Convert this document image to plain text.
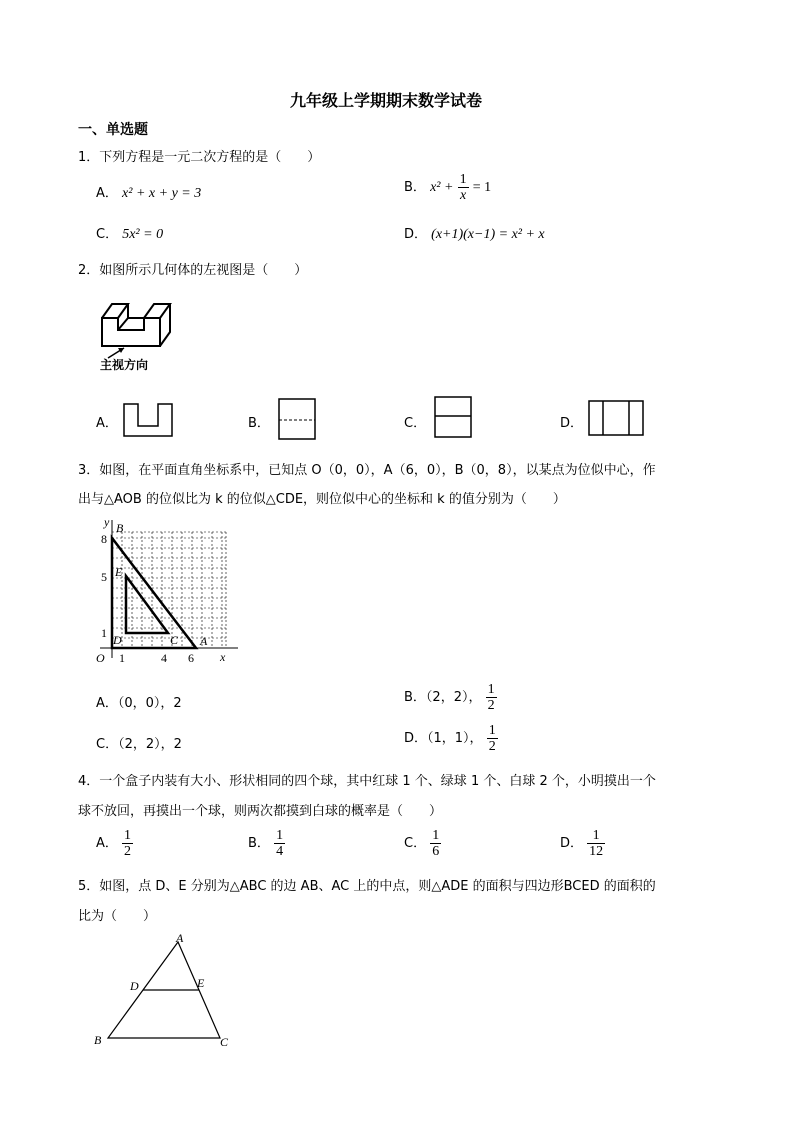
九年级上学期期末数学试卷
一、单选题
1．下列方程是一元二次方程的是（　　）
A． x² + x + y = 3	B． $x^2 + \frac{1}{x} = 1$
C． 5x² = 0	D． (x+1)(x−1) = x² + x
2．如图所示几何体的左视图是（　　）
主视方向
A．	B．	C．	D．
3．如图，在平面直角坐标系中，已知点 O（0，0），A（6，0），B（0，8），以某点为位似中心，作
出与△AOB 的位似比为 k 的位似△CDE，则位似中心的坐标和 k 的值分别为（　　）
y
x
O
B
E
D	C A
8
5
1
1	4 6
A．（0，0），2	B．（2，2）， $\frac{1}{2}$
C．（2，2），2	D．（1，1）， $\frac{1}{2}$
4．一个盒子内装有大小、形状相同的四个球，其中红球 1 个、绿球 1 个、白球 2 个，小明摸出一个
球不放回，再摸出一个球，则两次都摸到白球的概率是（　　）
A． $\frac{1}{2}$	B． $\frac{1}{4}$	C． $\frac{1}{6}$	D． $\frac{1}{12}$
5．如图，点 D、E 分别为△ABC 的边 AB、AC 上的中点，则△ADE 的面积与四边形BCED 的面积的
比为（　　）
A
B	C
D	E
